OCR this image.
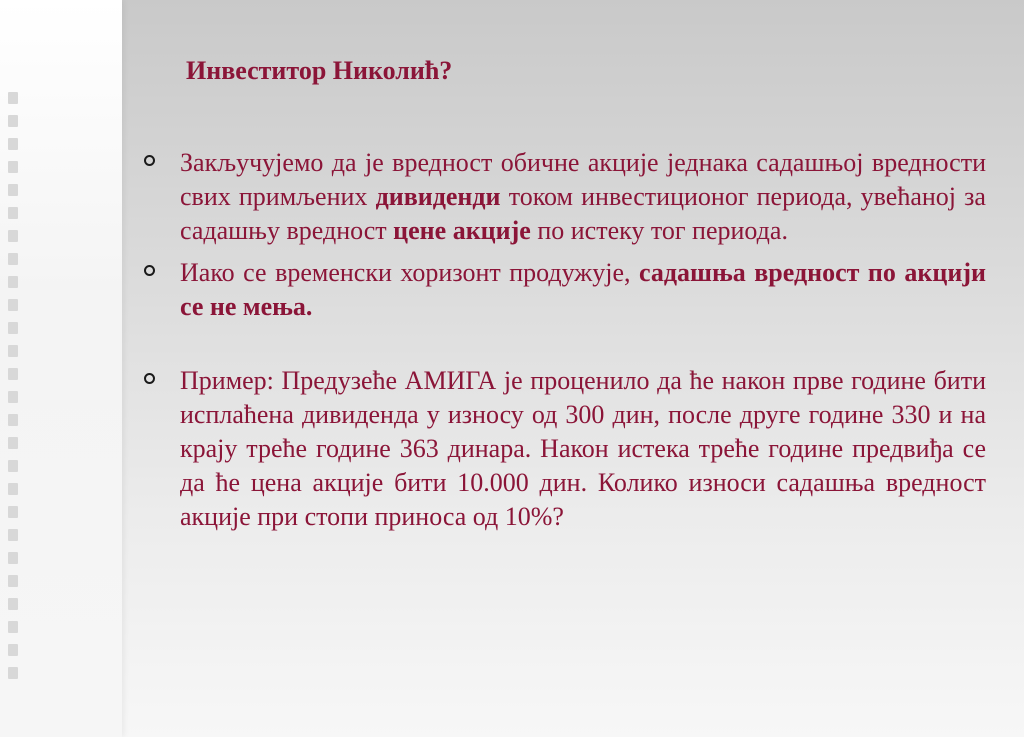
Инвеститор Николић?
Закључујемо да је вредност обичне акције једнака садашњој вредности свих примљених дивиденди током инвестиционог периода, увећаној за садашњу вредност цене акције по истеку тог периода.
Иако се временски хоризонт продужује, садашња вредност по акцији се не мења.
Пример: Предузеће АМИГА је проценило да ће након прве године бити исплаћена дивиденда у износу од 300 дин, после друге године 330 и на крају треће године 363 динара. Након истека треће године предвиђа се да ће цена акције бити 10.000 дин. Колико износи садашња вредност акције при стопи приноса од 10%?
